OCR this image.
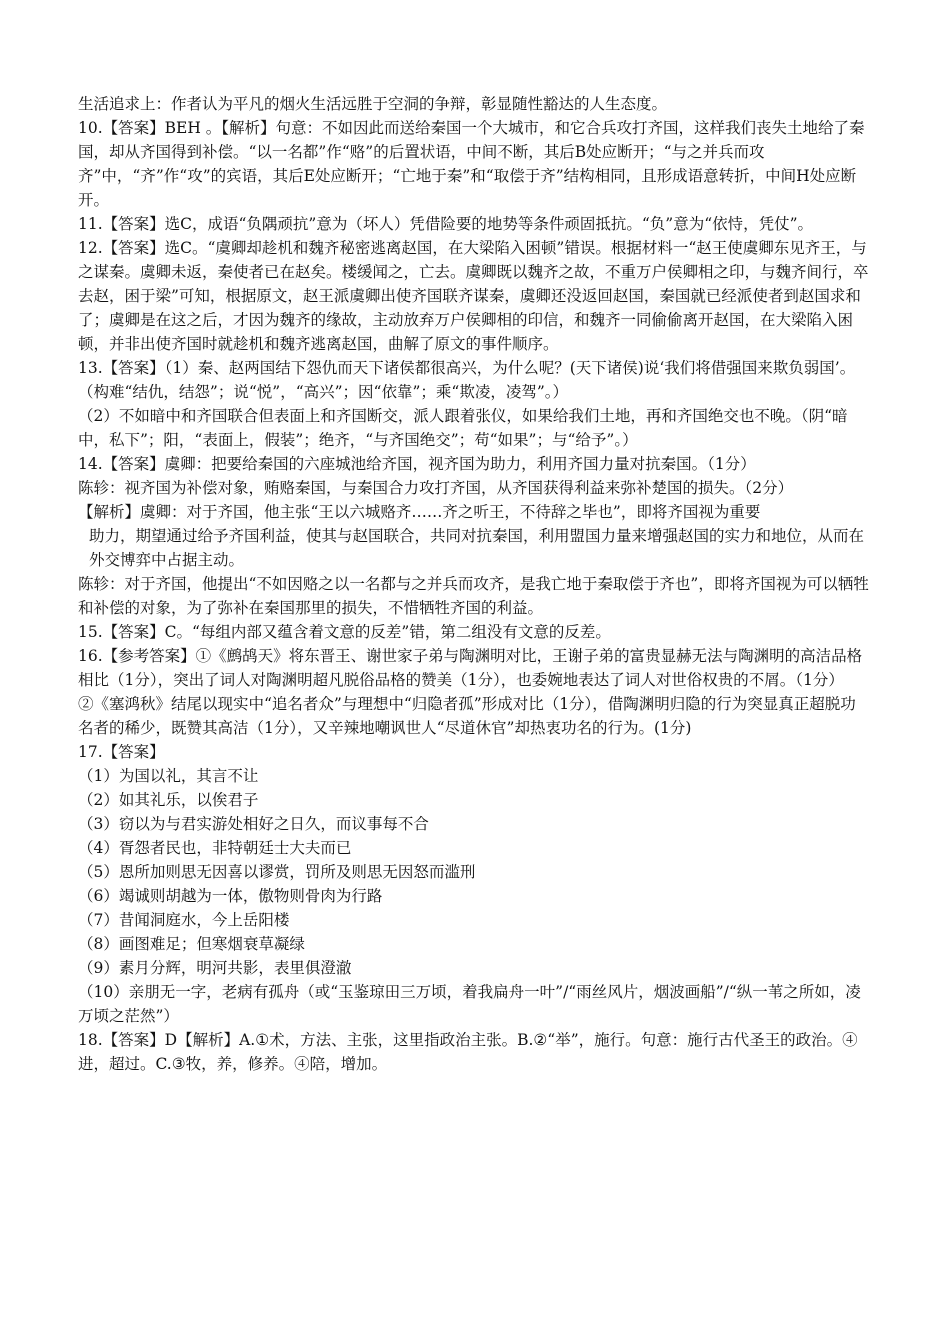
生活追求上：作者认为平凡的烟火生活远胜于空洞的争辩，彰显随性豁达的人生态度。

10.【答案】BEH 。【解析】句意：不如因此而送给秦国一个大城市，和它合兵攻打齐国，这样我们丧失土地给了秦国，却从齐国得到补偿。“以一名都”作“赂”的后置状语，中间不断，其后B处应断开；“与之并兵而攻齐”中，“齐”作“攻”的宾语，其后E处应断开；“亡地于秦”和“取偿于齐”结构相同，且形成语意转折，中间H处应断开。

11.【答案】选C，成语“负隅顽抗”意为（坏人）凭借险要的地势等条件顽固抵抗。“负”意为“依恃，凭仗”。

12.【答案】选C。“虞卿却趁机和魏齐秘密逃离赵国，在大梁陷入困顿”错误。根据材料一“赵王使虞卿东见齐王，与之谋秦。虞卿未返，秦使者已在赵矣。楼缓闻之，亡去。虞卿既以魏齐之故，不重万户侯卿相之印，与魏齐间行，卒去赵，困于梁”可知，根据原文，赵王派虞卿出使齐国联齐谋秦，虞卿还没返回赵国，秦国就已经派使者到赵国求和了；虞卿是在这之后，才因为魏齐的缘故，主动放弃万户侯卿相的印信，和魏齐一同偷偷离开赵国，在大梁陷入困顿，并非出使齐国时就趁机和魏齐逃离赵国，曲解了原文的事件顺序。

13.【答案】（1）秦、赵两国结下怨仇而天下诸侯都很高兴，为什么呢？(天下诸侯)说‘我们将借强国来欺负弱国’。（构难“结仇，结怨”；说“悦”，“高兴”；因“依靠”；乘“欺凌，凌驾”。）

（2）不如暗中和齐国联合但表面上和齐国断交，派人跟着张仪，如果给我们土地，再和齐国绝交也不晚。（阴“暗中，私下”；阳，“表面上，假装”；绝齐，“与齐国绝交”；苟“如果”；与“给予”。）

14.【答案】虞卿：把要给秦国的六座城池给齐国，视齐国为助力，利用齐国力量对抗秦国。（1分）

陈轸：视齐国为补偿对象，贿赂秦国，与秦国合力攻打齐国，从齐国获得利益来弥补楚国的损失。（2分）

【解析】虞卿：对于齐国，他主张“王以六城赂齐……齐之听王，不待辞之毕也”，即将齐国视为重要

助力，期望通过给予齐国利益，使其与赵国联合，共同对抗秦国，利用盟国力量来增强赵国的实力和地位，从而在外交博弈中占据主动。

陈轸：对于齐国，他提出“不如因赂之以一名都与之并兵而攻齐，是我亡地于秦取偿于齐也”，即将齐国视为可以牺牲和补偿的对象，为了弥补在秦国那里的损失，不惜牺牲齐国的利益。

15.【答案】C。“每组内部又蕴含着文意的反差”错，第二组没有文意的反差。

16.【参考答案】①《鹧鸪天》将东晋王、谢世家子弟与陶渊明对比，王谢子弟的富贵显赫无法与陶渊明的高洁品格相比（1分），突出了词人对陶渊明超凡脱俗品格的赞美（1分），也委婉地表达了词人对世俗权贵的不屑。（1分）

②《塞鸿秋》结尾以现实中“追名者众”与理想中“归隐者孤”形成对比（1分），借陶渊明归隐的行为突显真正超脱功名者的稀少，既赞其高洁（1分），又辛辣地嘲讽世人“尽道休官”却热衷功名的行为。(1分)

17.【答案】

（1）为国以礼，其言不让

（2）如其礼乐，以俟君子

（3）窃以为与君实游处相好之日久，而议事每不合

（4）胥怨者民也，非特朝廷士大夫而已

（5）恩所加则思无因喜以谬赏，罚所及则思无因怒而滥刑

（6）竭诚则胡越为一体，傲物则骨肉为行路

（7）昔闻洞庭水，今上岳阳楼

（8）画图难足；但寒烟衰草凝绿

（9）素月分辉，明河共影，表里俱澄澈

（10）亲朋无一字，老病有孤舟（或“玉鉴琼田三万顷，着我扁舟一叶”/“雨丝风片，烟波画船”/“纵一苇之所如，凌万顷之茫然”）

18.【答案】D【解析】A.①术，方法、主张，这里指政治主张。B.②“举”，施行。句意：施行古代圣王的政治。④进，超过。C.③牧，养，修养。④陪，增加。
